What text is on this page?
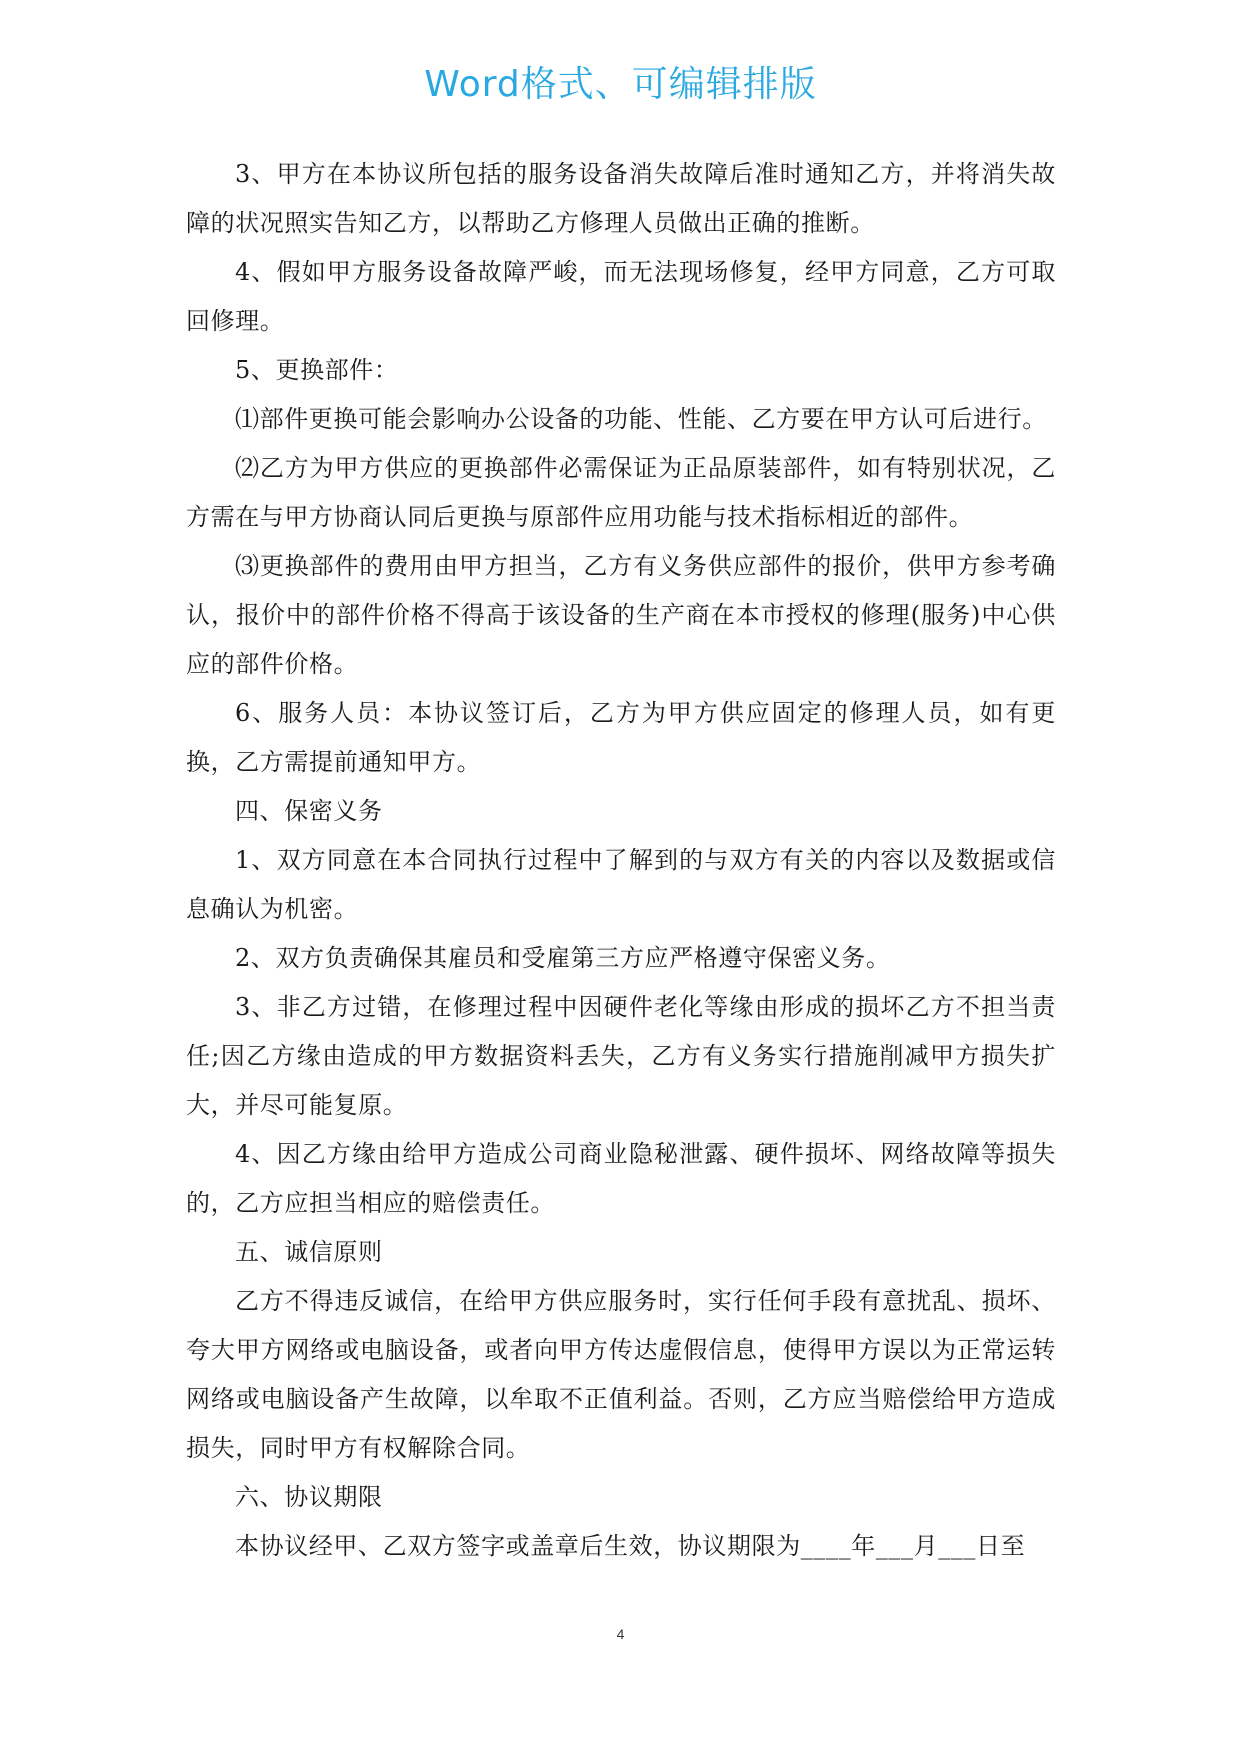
Word格式、可编辑排版

3、甲方在本协议所包括的服务设备消失故障后准时通知乙方，并将消失故障的状况照实告知乙方，以帮助乙方修理人员做出正确的推断。

4、假如甲方服务设备故障严峻，而无法现场修复，经甲方同意，乙方可取回修理。

5、更换部件：

⑴部件更换可能会影响办公设备的功能、性能、乙方要在甲方认可后进行。

⑵乙方为甲方供应的更换部件必需保证为正品原装部件，如有特别状况，乙方需在与甲方协商认同后更换与原部件应用功能与技术指标相近的部件。

⑶更换部件的费用由甲方担当，乙方有义务供应部件的报价，供甲方参考确认，报价中的部件价格不得高于该设备的生产商在本市授权的修理(服务)中心供应的部件价格。

6、服务人员：本协议签订后，乙方为甲方供应固定的修理人员，如有更换，乙方需提前通知甲方。

四、保密义务

1、双方同意在本合同执行过程中了解到的与双方有关的内容以及数据或信息确认为机密。

2、双方负责确保其雇员和受雇第三方应严格遵守保密义务。

3、非乙方过错，在修理过程中因硬件老化等缘由形成的损坏乙方不担当责任;因乙方缘由造成的甲方数据资料丢失，乙方有义务实行措施削减甲方损失扩大，并尽可能复原。

4、因乙方缘由给甲方造成公司商业隐秘泄露、硬件损坏、网络故障等损失的，乙方应担当相应的赔偿责任。

五、诚信原则

乙方不得违反诚信，在给甲方供应服务时，实行任何手段有意扰乱、损坏、夸大甲方网络或电脑设备，或者向甲方传达虚假信息，使得甲方误以为正常运转网络或电脑设备产生故障，以牟取不正值利益。否则，乙方应当赔偿给甲方造成损失，同时甲方有权解除合同。

六、协议期限

本协议经甲、乙双方签字或盖章后生效，协议期限为____年___月___日至

4
